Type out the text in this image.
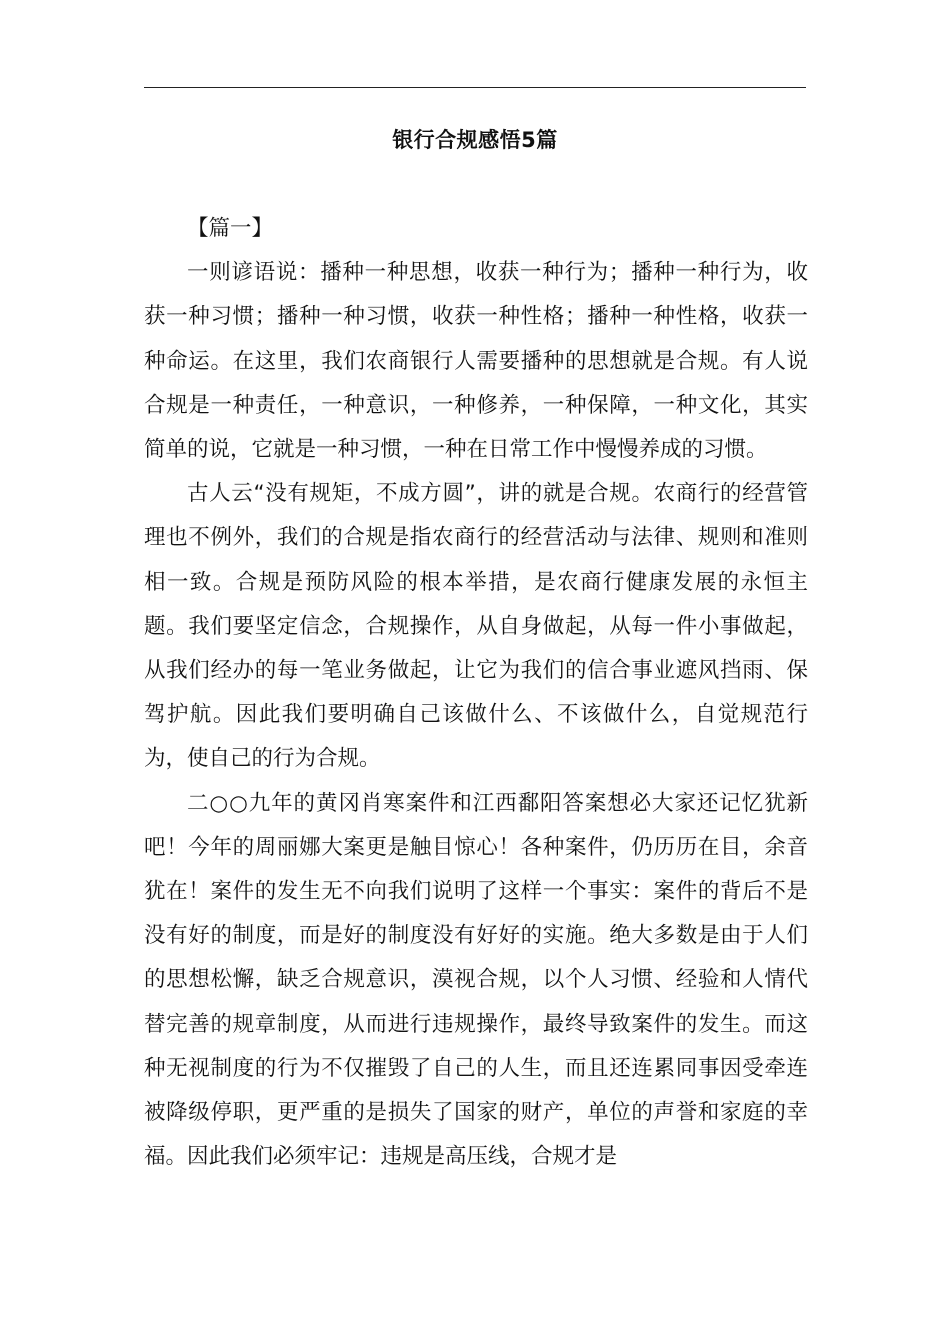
银行合规感悟5篇

【篇一】

一则谚语说：播种一种思想，收获一种行为；播种一种行为，收获一种习惯；播种一种习惯，收获一种性格；播种一种性格，收获一种命运。在这里，我们农商银行人需要播种的思想就是合规。有人说合规是一种责任，一种意识，一种修养，一种保障，一种文化，其实简单的说，它就是一种习惯，一种在日常工作中慢慢养成的习惯。

古人云“没有规矩，不成方圆”，讲的就是合规。农商行的经营管理也不例外，我们的合规是指农商行的经营活动与法律、规则和准则相一致。合规是预防风险的根本举措，是农商行健康发展的永恒主题。我们要坚定信念，合规操作，从自身做起，从每一件小事做起，从我们经办的每一笔业务做起，让它为我们的信合事业遮风挡雨、保驾护航。因此我们要明确自己该做什么、不该做什么，自觉规范行为，使自己的行为合规。

二○○九年的黄冈肖寒案件和江西鄱阳答案想必大家还记忆犹新吧！今年的周丽娜大案更是触目惊心！各种案件，仍历历在目，余音犹在！案件的发生无不向我们说明了这样一个事实：案件的背后不是没有好的制度，而是好的制度没有好好的实施。绝大多数是由于人们的思想松懈，缺乏合规意识，漠视合规，以个人习惯、经验和人情代替完善的规章制度，从而进行违规操作，最终导致案件的发生。而这种无视制度的行为不仅摧毁了自己的人生，而且还连累同事因受牵连被降级停职，更严重的是损失了国家的财产，单位的声誉和家庭的幸福。因此我们必须牢记：违规是高压线，合规才是
